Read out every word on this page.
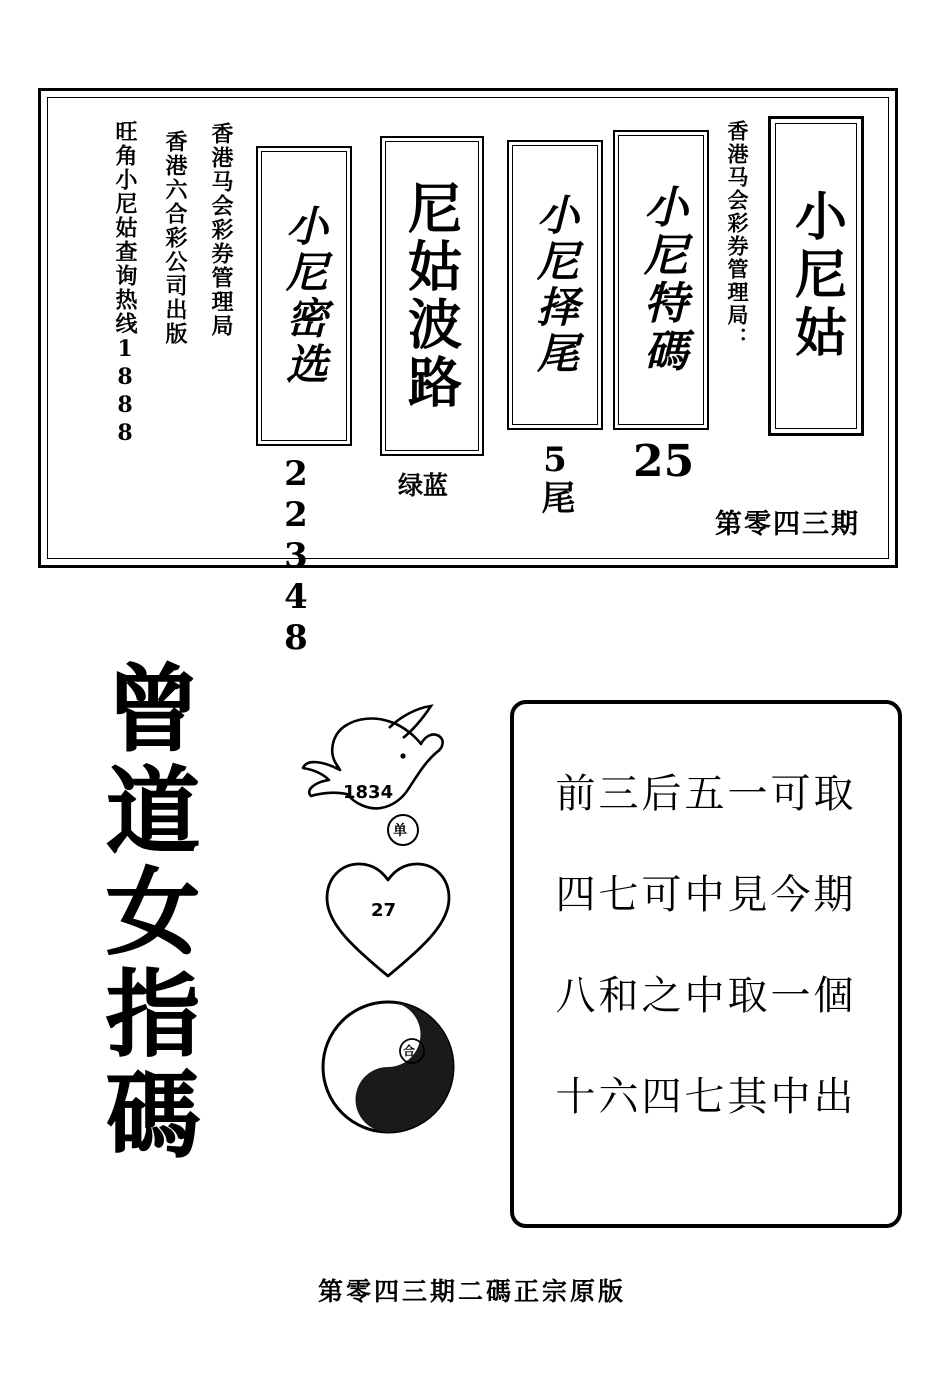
小尼姑
香港马会彩券管理局：
第零四三期
小尼特碼
25
小尼择尾
5尾
尼姑波路
绿蓝
小尼密选
22348
香港马会彩券管理局
香港六合彩公司出版
旺角小尼姑查询热线1888
曾
道
女
指
碼
1834
单
27
35 合
前三后五一可取
四七可中見今期
八和之中取一個
十六四七其中出
第零四三期二碼正宗原版
